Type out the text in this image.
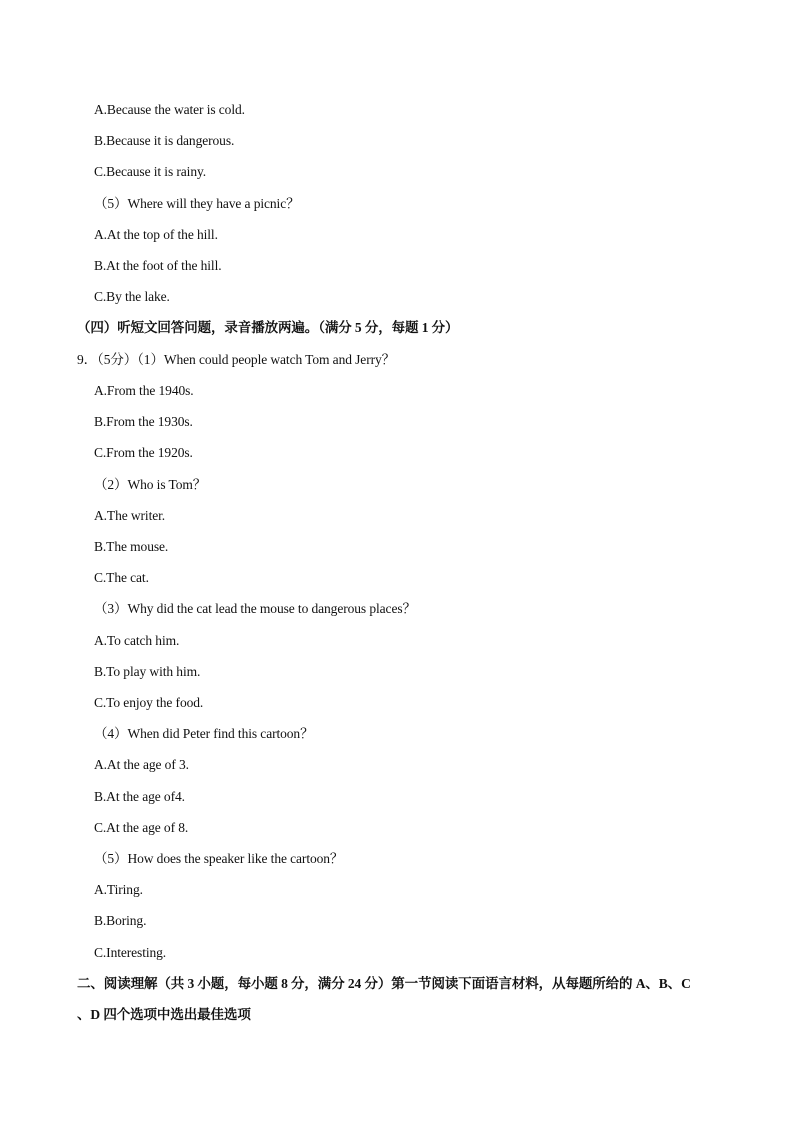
A.Because the water is cold.
B.Because it is dangerous.
C.Because it is rainy.
（5）Where will they have a picnic？
A.At the top of the hill.
B.At the foot of the hill.
C.By the lake.
（四）听短文回答问题，录音播放两遍。（满分 5 分，每题 1 分）
9．（5分）（1）When could people watch Tom and Jerry？
A.From the 1940s.
B.From the 1930s.
C.From the 1920s.
（2）Who is Tom？
A.The writer.
B.The mouse.
C.The cat.
（3）Why did the cat lead the mouse to dangerous places？
A.To catch him.
B.To play with him.
C.To enjoy the food.
（4）When did Peter find this cartoon？
A.At the age of 3.
B.At the age of4.
C.At the age of 8.
（5）How does the speaker like the cartoon？
A.Tiring.
B.Boring.
C.Interesting.
二、阅读理解（共 3 小题，每小题 8 分，满分 24 分）第一节阅读下面语言材料，从每题所给的 A、B、C
、D 四个选项中选出最佳选项
